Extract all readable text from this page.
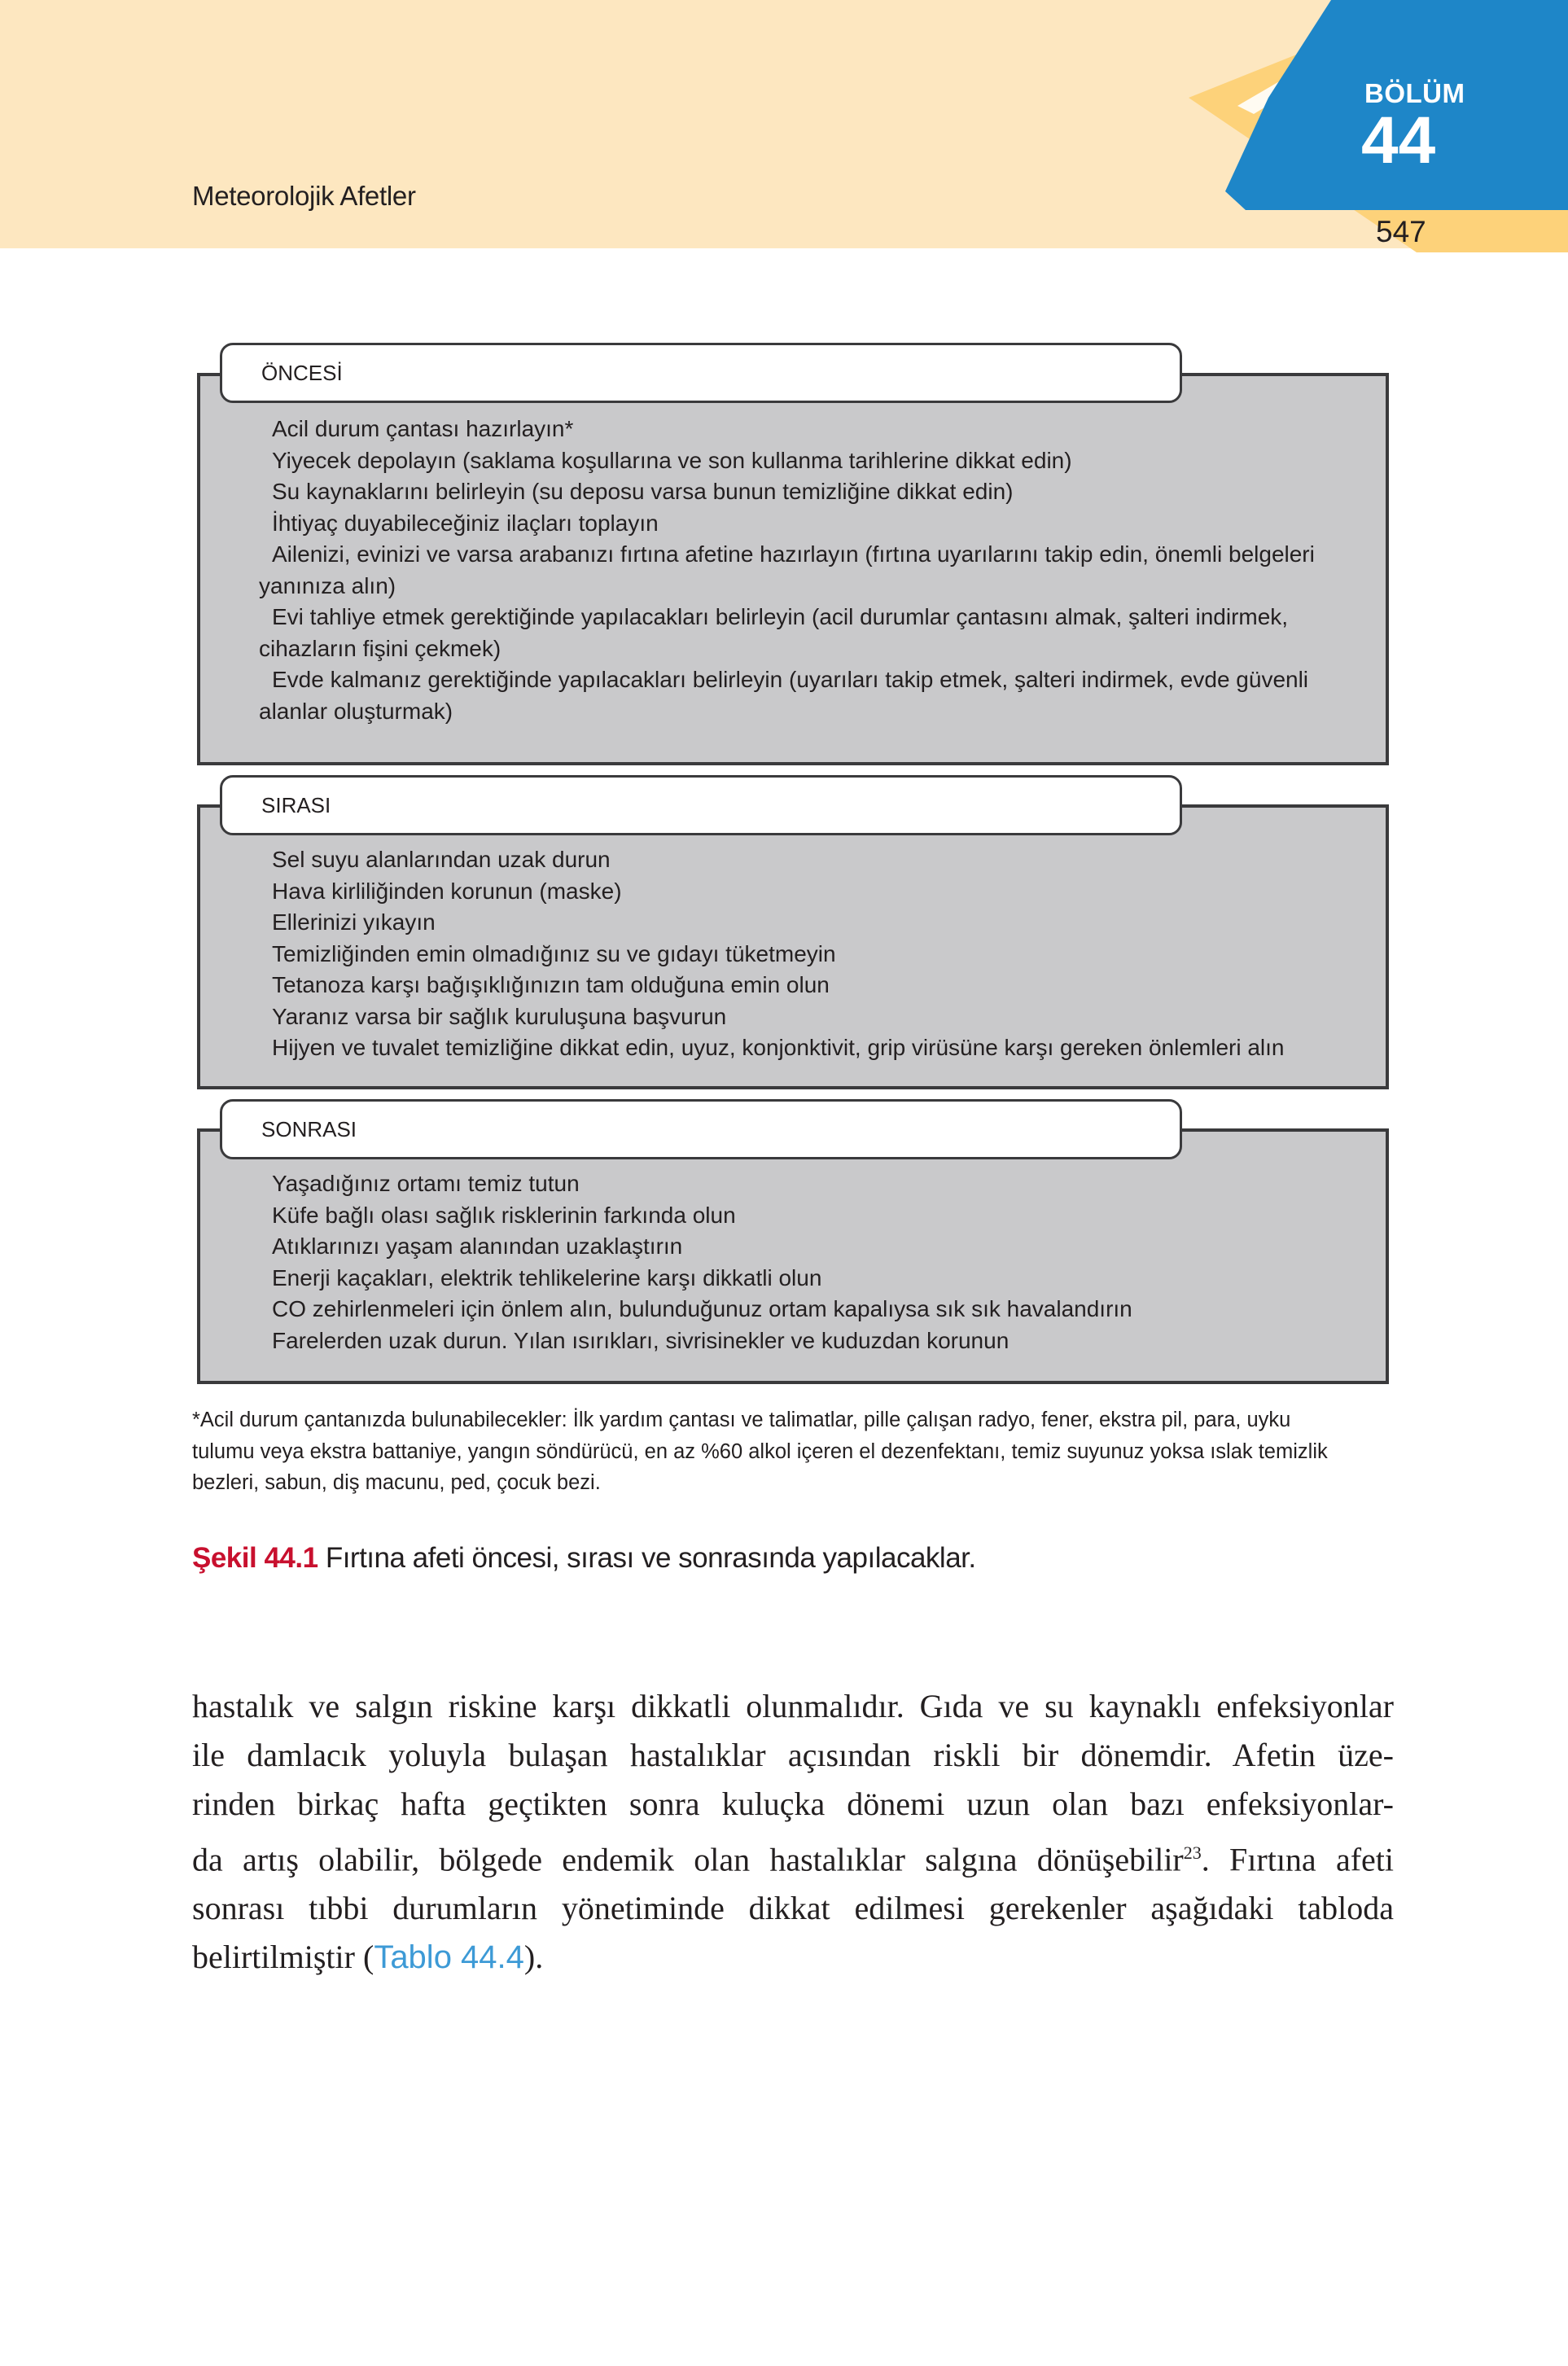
Meteorolojik Afetler
BÖLÜM
44
547
ÖNCESİ
Acil durum çantası hazırlayın*
Yiyecek depolayın (saklama koşullarına ve son kullanma tarihlerine dikkat edin)
Su kaynaklarını belirleyin (su deposu varsa bunun temizliğine dikkat edin)
İhtiyaç duyabileceğiniz ilaçları toplayın
Ailenizi, evinizi ve varsa arabanızı fırtına afetine hazırlayın (fırtına uyarılarını takip edin, önemli belgeleri
yanınıza alın)
Evi tahliye etmek gerektiğinde yapılacakları belirleyin (acil durumlar çantasını almak, şalteri indirmek,
cihazların fişini çekmek)
Evde kalmanız gerektiğinde yapılacakları belirleyin (uyarıları takip etmek, şalteri indirmek, evde güvenli
alanlar oluşturmak)
SIRASI
Sel suyu alanlarından uzak durun
Hava kirliliğinden korunun (maske)
Ellerinizi yıkayın
Temizliğinden emin olmadığınız su ve gıdayı tüketmeyin
Tetanoza karşı bağışıklığınızın tam olduğuna emin olun
Yaranız varsa bir sağlık kuruluşuna başvurun
Hijyen ve tuvalet temizliğine dikkat edin, uyuz, konjonktivit, grip virüsüne karşı gereken önlemleri alın
SONRASI
Yaşadığınız ortamı temiz tutun
Küfe bağlı olası sağlık risklerinin farkında olun
Atıklarınızı yaşam alanından uzaklaştırın
Enerji kaçakları, elektrik tehlikelerine karşı dikkatli olun
CO zehirlenmeleri için önlem alın, bulunduğunuz ortam kapalıysa sık sık havalandırın
Farelerden uzak durun. Yılan ısırıkları, sivrisinekler ve kuduzdan korunun
*Acil durum çantanızda bulunabilecekler: İlk yardım çantası ve talimatlar, pille çalışan radyo, fener, ekstra pil, para, uyku
tulumu veya ekstra battaniye, yangın söndürücü, en az %60 alkol içeren el dezenfektanı, temiz suyunuz yoksa ıslak temizlik
bezleri, sabun, diş macunu, ped, çocuk bezi.
Şekil 44.1 Fırtına afeti öncesi, sırası ve sonrasında yapılacaklar.
hastalık ve salgın riskine karşı dikkatli olunmalıdır. Gıda ve su kaynaklı enfeksiyonlar
ile damlacık yoluyla bulaşan hastalıklar açısından riskli bir dönemdir. Afetin üze-
rinden birkaç hafta geçtikten sonra kuluçka dönemi uzun olan bazı enfeksiyonlar-
da artış olabilir, bölgede endemik olan hastalıklar salgına dönüşebilir$^{23}$. Fırtına afeti
sonrası tıbbi durumların yönetiminde dikkat edilmesi gerekenler aşağıdaki tabloda
belirtilmiştir (Tablo 44.4).
